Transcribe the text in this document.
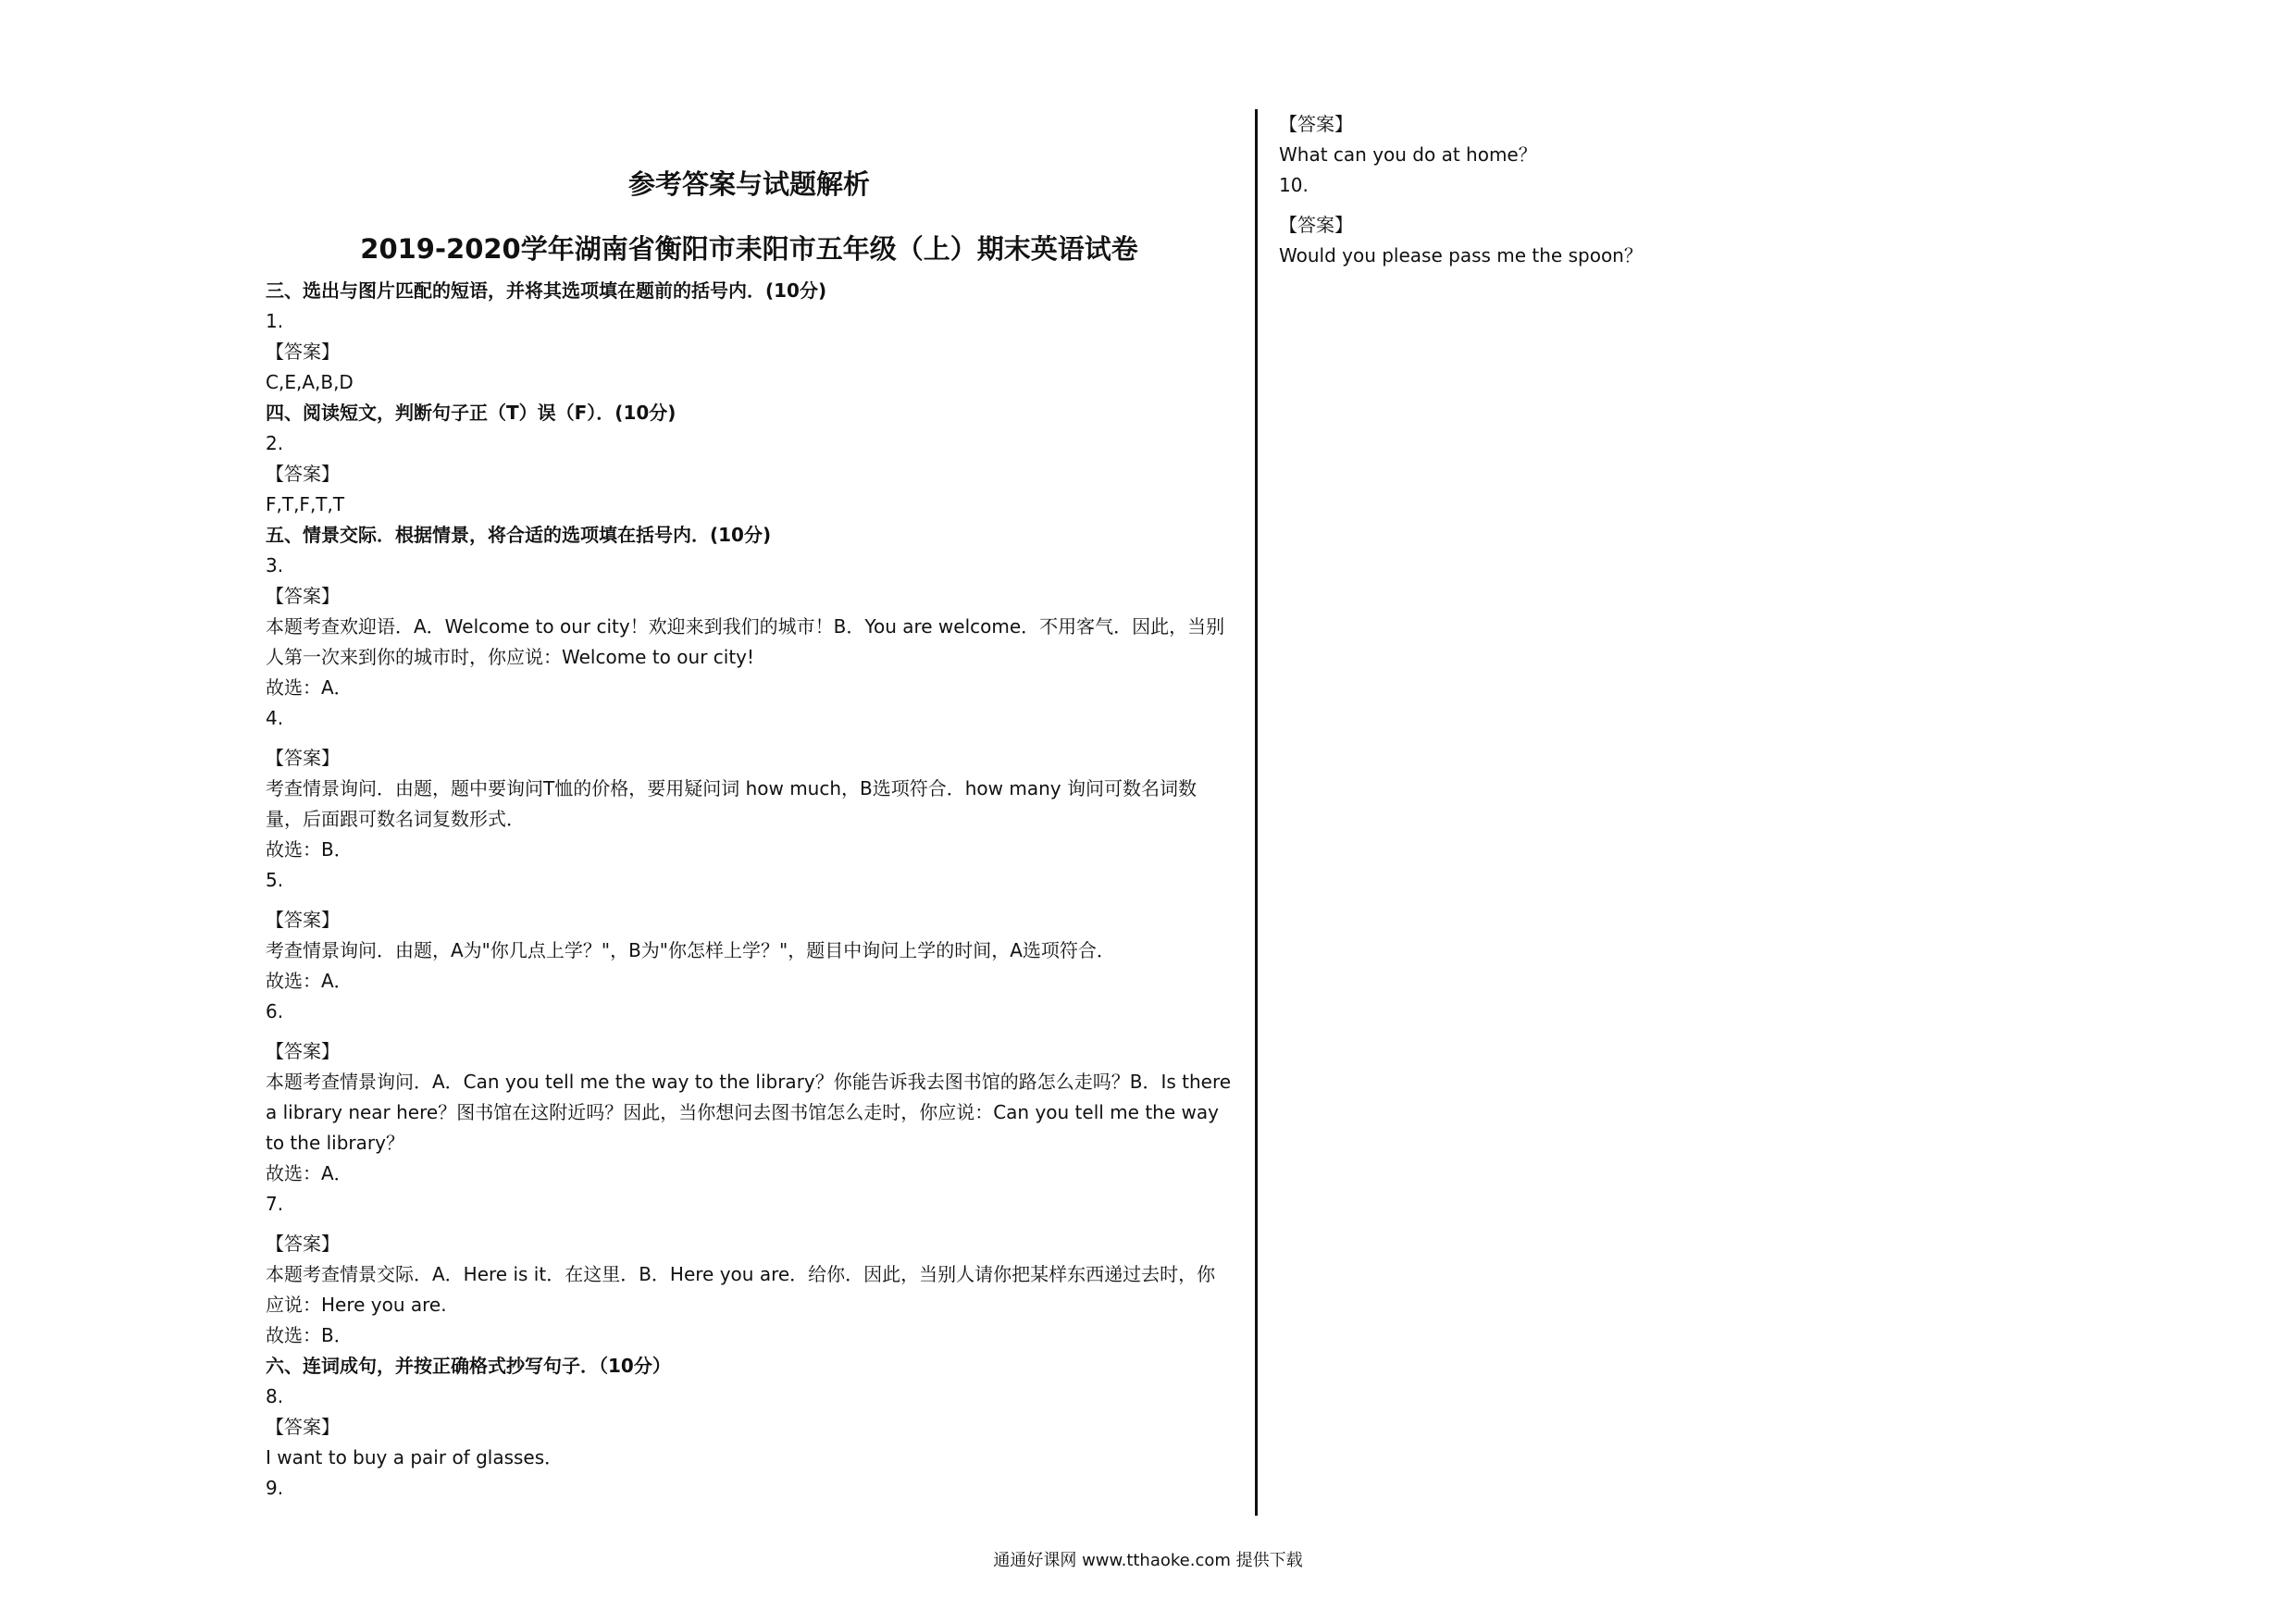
参考答案与试题解析
2019-2020学年湖南省衡阳市耒阳市五年级（上）期末英语试卷
三、选出与图片匹配的短语，并将其选项填在题前的括号内．(10分)
1.
【答案】
C,E,A,B,D
四、阅读短文，判断句子正（T）误（F）．(10分)
2.
【答案】
F,T,F,T,T
五、情景交际．根据情景，将合适的选项填在括号内．(10分)
3.
【答案】
本题考查欢迎语．A．Welcome to our city！欢迎来到我们的城市！B．You are welcome．不用客气．因此，当别人第一次来到你的城市时，你应说：Welcome to our city!
故选：A．
4.
【答案】
考查情景询问．由题，题中要询问T恤的价格，要用疑问词 how much，B选项符合．how many 询问可数名词数量，后面跟可数名词复数形式．
故选：B．
5.
【答案】
考查情景询问．由题，A为"你几点上学？"，B为"你怎样上学？"，题目中询问上学的时间，A选项符合．
故选：A．
6.
【答案】
本题考查情景询问．A．Can you tell me the way to the library？你能告诉我去图书馆的路怎么走吗？B．Is there a library near here？图书馆在这附近吗？因此，当你想问去图书馆怎么走时，你应说：Can you tell me the way to the library？
故选：A．
7.
【答案】
本题考查情景交际．A．Here is it．在这里．B．Here you are．给你．因此，当别人请你把某样东西递过去时，你应说：Here you are.
故选：B．
六、连词成句，并按正确格式抄写句子．（10分）
8.
【答案】
I want to buy a pair of glasses．
9.
【答案】
What can you do at home？
10.
【答案】
Would you please pass me the spoon？
通通好课网 www.tthaoke.com 提供下载
